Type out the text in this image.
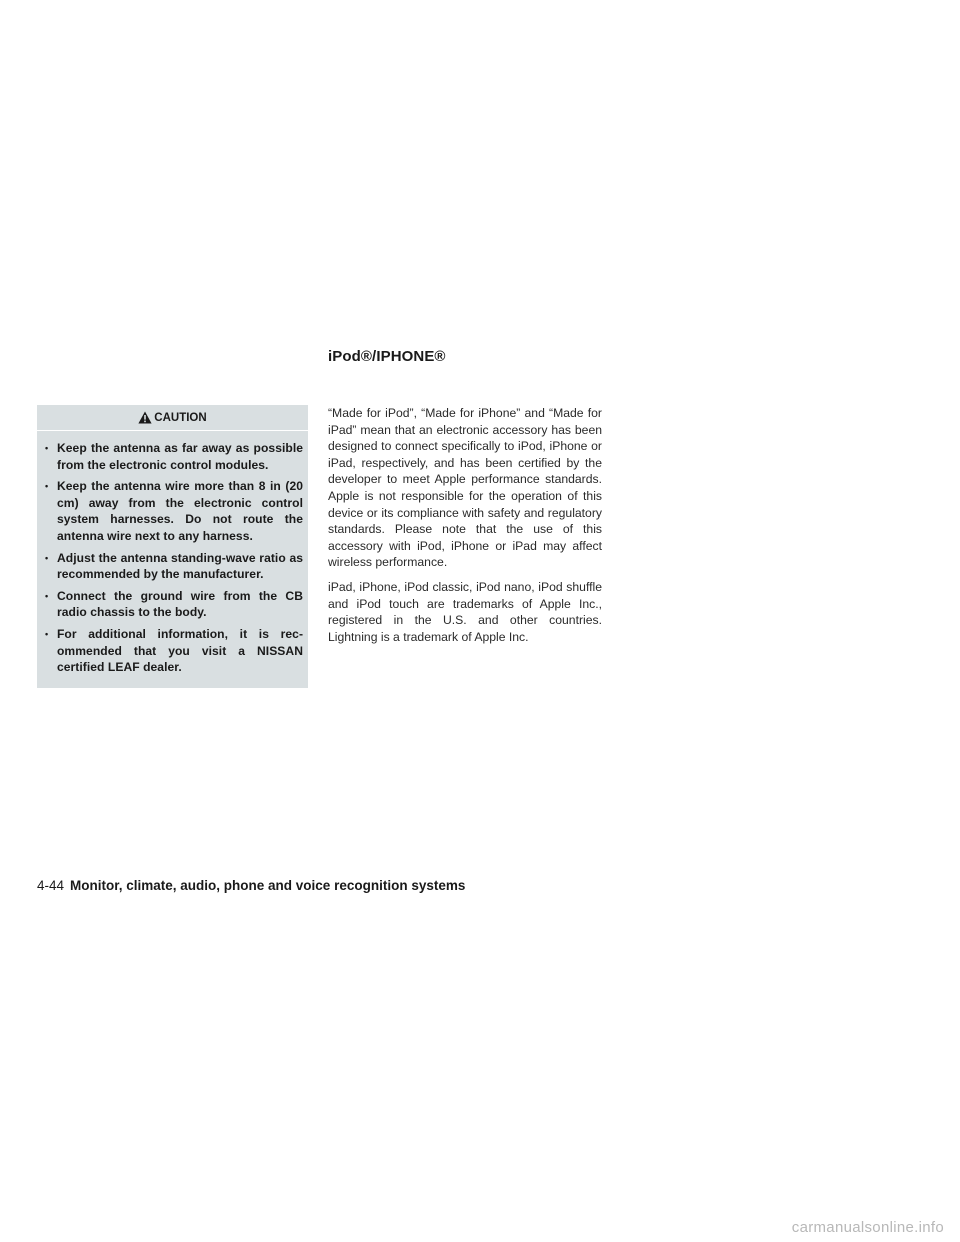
iPod®/IPHONE®
CAUTION
• Keep the antenna as far away as possible from the electronic control modules.
• Keep the antenna wire more than 8 in (20 cm) away from the electronic control system harnesses. Do not route the antenna wire next to any harness.
• Adjust the antenna standing-wave ratio as recommended by the manufacturer.
• Connect the ground wire from the CB radio chassis to the body.
• For additional information, it is recommended that you visit a NISSAN certified LEAF dealer.

“Made for iPod”, “Made for iPhone” and “Made for iPad” mean that an electronic accessory has been designed to connect specifically to iPod, iPhone or iPad, respectively, and has been certified by the developer to meet Apple performance standards. Apple is not responsible for the operation of this device or its compliance with safety and regulatory standards. Please note that the use of this accessory with iPod, iPhone or iPad may affect wireless performance.

iPad, iPhone, iPod classic, iPod nano, iPod shuffle and iPod touch are trademarks of Apple Inc., registered in the U.S. and other countries. Lightning is a trademark of Apple Inc.

4-44 Monitor, climate, audio, phone and voice recognition systems
carmanualsonline.info
